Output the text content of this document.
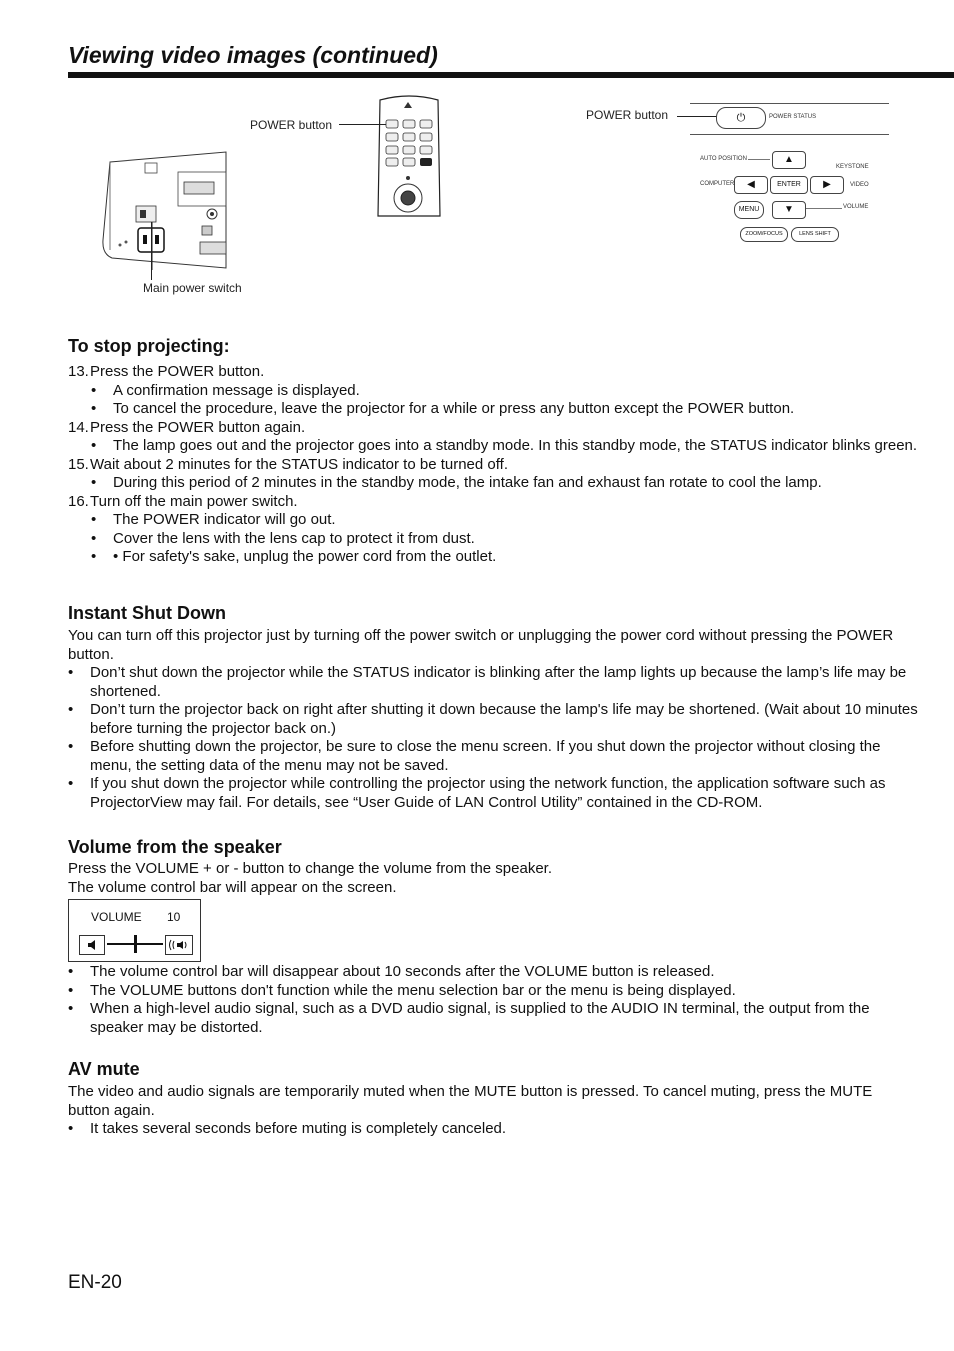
Viewing video images (continued)
Main power switch
POWER button
POWER button	⏻	POWER STATUS
AUTO POSITION	▲
KEYSTONE
COMPUTER	◀	ENTER	▶	VIDEO
MENU	▼	VOLUME
ZOOM/FOCUS	LENS SHIFT
To stop projecting:
13.Press the POWER button.
• A confirmation message is displayed.
• To cancel the procedure, leave the projector for a while or press any button except the POWER button.
14.Press the POWER button again.
• The lamp goes out and the projector goes into a standby mode. In this standby mode, the STATUS indicator blinks green.
15.Wait about 2 minutes for the STATUS indicator to be turned off.
• During this period of 2 minutes in the standby mode, the intake fan and exhaust fan rotate to cool the lamp.
16.Turn off the main power switch.
• The POWER indicator will go out.
• Cover the lens with the lens cap to protect it from dust.
• • For safety's sake, unplug the power cord from the outlet.
Instant Shut Down
You can turn off this projector just by turning off the power switch or unplugging the power cord without pressing the POWER button.
• Don’t shut down the projector while the STATUS indicator is blinking after the lamp lights up because the lamp’s life may be shortened.
• Don’t turn the projector back on right after shutting it down because the lamp's life may be shortened. (Wait about 10 minutes before turning the projector back on.)
• Before shutting down the projector, be sure to close the menu screen. If you shut down the projector without closing the menu, the setting data of the menu may not be saved.
• If you shut down the projector while controlling the projector using the network function, the application software such as ProjectorView may fail. For details, see “User Guide of LAN Control Utility” contained in the CD-ROM.
Volume from the speaker
Press the VOLUME + or - button to change the volume from the speaker.
The volume control bar will appear on the screen.
VOLUME 10
• The volume control bar will disappear about 10 seconds after the VOLUME button is released.
• The VOLUME buttons don't function while the menu selection bar or the menu is being displayed.
• When a high-level audio signal, such as a DVD audio signal, is supplied to the AUDIO IN terminal, the output from the speaker may be distorted.
AV mute
The video and audio signals are temporarily muted when the MUTE button is pressed. To cancel muting, press the MUTE button again.
• It takes several seconds before muting is completely canceled.
EN-20
